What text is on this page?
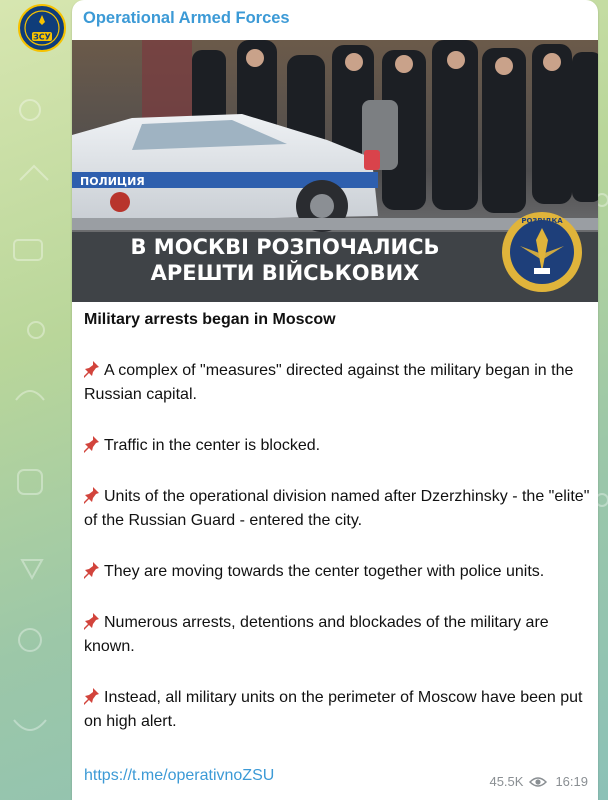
ЗСУ
Operational Armed Forces
ПОЛИЦИЯ
В МОСКВІ РОЗПОЧАЛИСЬ
АРЕШТИ ВІЙСЬКОВИХ
РОЗВІДКА
Military arrests began in Moscow
A complex of "measures" directed against the military began in the Russian capital.
Traffic in the center is blocked.
Units of the operational division named after Dzerzhinsky - the "elite" of the Russian Guard - entered the city.
They are moving towards the center together with police units.
Numerous arrests, detentions and blockades of the military are known.
Instead, all military units on the perimeter of Moscow have been put on high alert.
https://t.me/operativnoZSU	45.5K 16:19
